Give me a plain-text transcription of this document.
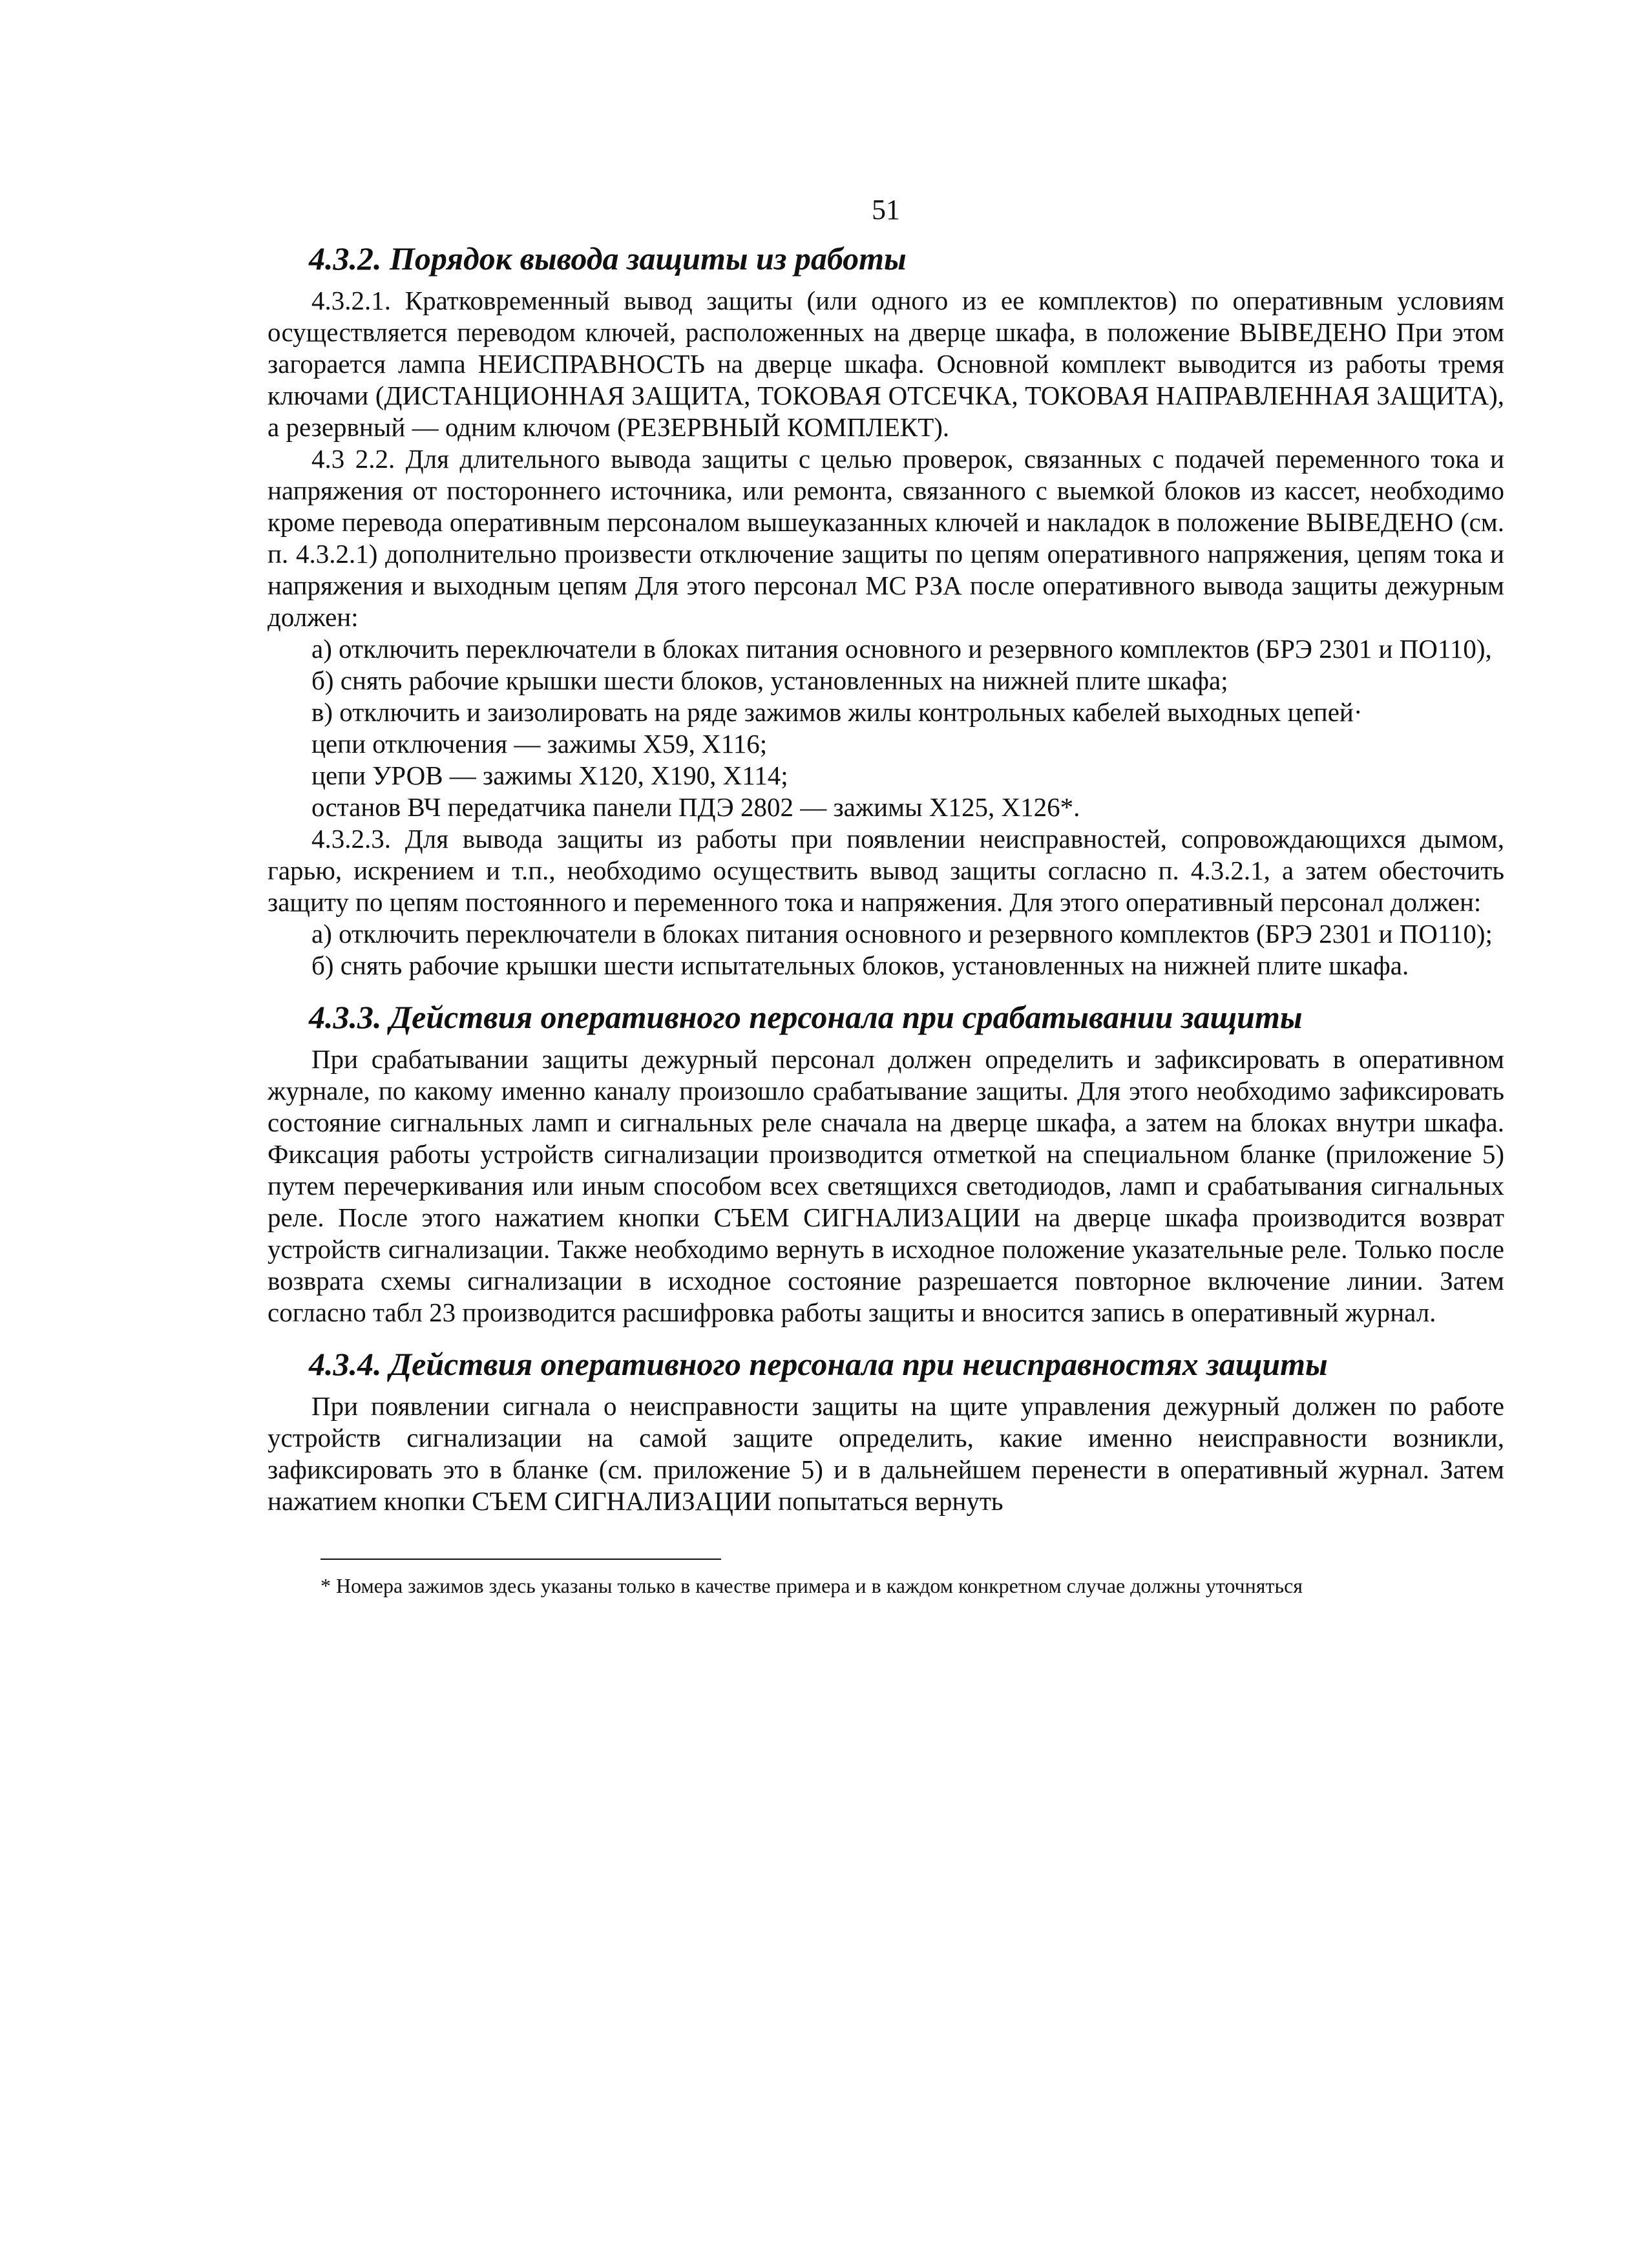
51
4.3.2. Порядок вывода защиты из работы

4.3.2.1. Кратковременный вывод защиты (или одного из ее комплектов) по оперативным условиям осуществляется переводом ключей, расположенных на дверце шкафа, в положение ВЫВЕДЕНО При этом загорается лампа НЕИСПРАВНОСТЬ на дверце шкафа. Основной комплект выводится из работы тремя ключами (ДИСТАНЦИОННАЯ ЗАЩИТА, ТОКОВАЯ ОТСЕЧКА, ТОКОВАЯ НАПРАВЛЕННАЯ ЗАЩИТА), а резервный — одним ключом (РЕЗЕРВНЫЙ КОМПЛЕКТ).

4.3 2.2. Для длительного вывода защиты с целью проверок, связанных с подачей переменного тока и напряжения от постороннего источника, или ремонта, связанного с выемкой блоков из кассет, необходимо кроме перевода оперативным персоналом вышеуказанных ключей и накладок в положение ВЫВЕДЕНО (см. п. 4.3.2.1) дополнительно произвести отключение защиты по цепям оперативного напряжения, цепям тока и напряжения и выходным цепям Для этого персонал МС РЗА после оперативного вывода защиты дежурным должен:

а) отключить переключатели в блоках питания основного и резервного комплектов (БРЭ 2301 и ПО110),

б) снять рабочие крышки шести блоков, установленных на нижней плите шкафа;

в) отключить и заизолировать на ряде зажимов жилы контрольных кабелей выходных цепей·

цепи отключения — зажимы X59, X116;

цепи УРОВ — зажимы X120, X190, X114;

останов ВЧ передатчика панели ПДЭ 2802 — зажимы X125, X126*.

4.3.2.3. Для вывода защиты из работы при появлении неисправностей, сопровождающихся дымом, гарью, искрением и т.п., необходимо осуществить вывод защиты согласно п. 4.3.2.1, а затем обесточить защиту по цепям постоянного и переменного тока и напряжения. Для этого оперативный персонал должен:

а) отключить переключатели в блоках питания основного и резервного комплектов (БРЭ 2301 и ПО110);

б) снять рабочие крышки шести испытательных блоков, установленных на нижней плите шкафа.

4.3.3. Действия оперативного персонала при срабатывании защиты

При срабатывании защиты дежурный персонал должен определить и зафиксировать в оперативном журнале, по какому именно каналу произошло срабатывание защиты. Для этого необходимо зафиксировать состояние сигнальных ламп и сигнальных реле сначала на дверце шкафа, а затем на блоках внутри шкафа. Фиксация работы устройств сигнализации производится отметкой на специальном бланке (приложение 5) путем перечеркивания или иным способом всех светящихся светодиодов, ламп и срабатывания сигнальных реле. После этого нажатием кнопки СЪЕМ СИГНАЛИЗАЦИИ на дверце шкафа производится возврат устройств сигнализации. Также необходимо вернуть в исходное положение указательные реле. Только после возврата схемы сигнализации в исходное состояние разрешается повторное включение линии. Затем согласно табл 23 производится расшифровка работы защиты и вносится запись в оперативный журнал.

4.3.4. Действия оперативного персонала при неисправностях защиты

При появлении сигнала о неисправности защиты на щите управления дежурный должен по работе устройств сигнализации на самой защите определить, какие именно неисправности возникли, зафиксировать это в бланке (см. приложение 5) и в дальнейшем перенести в оперативный журнал. Затем нажатием кнопки СЪЕМ СИГНАЛИЗАЦИИ попытаться вернуть

* Номера зажимов здесь указаны только в качестве примера и в каждом конкретном случае должны уточняться
